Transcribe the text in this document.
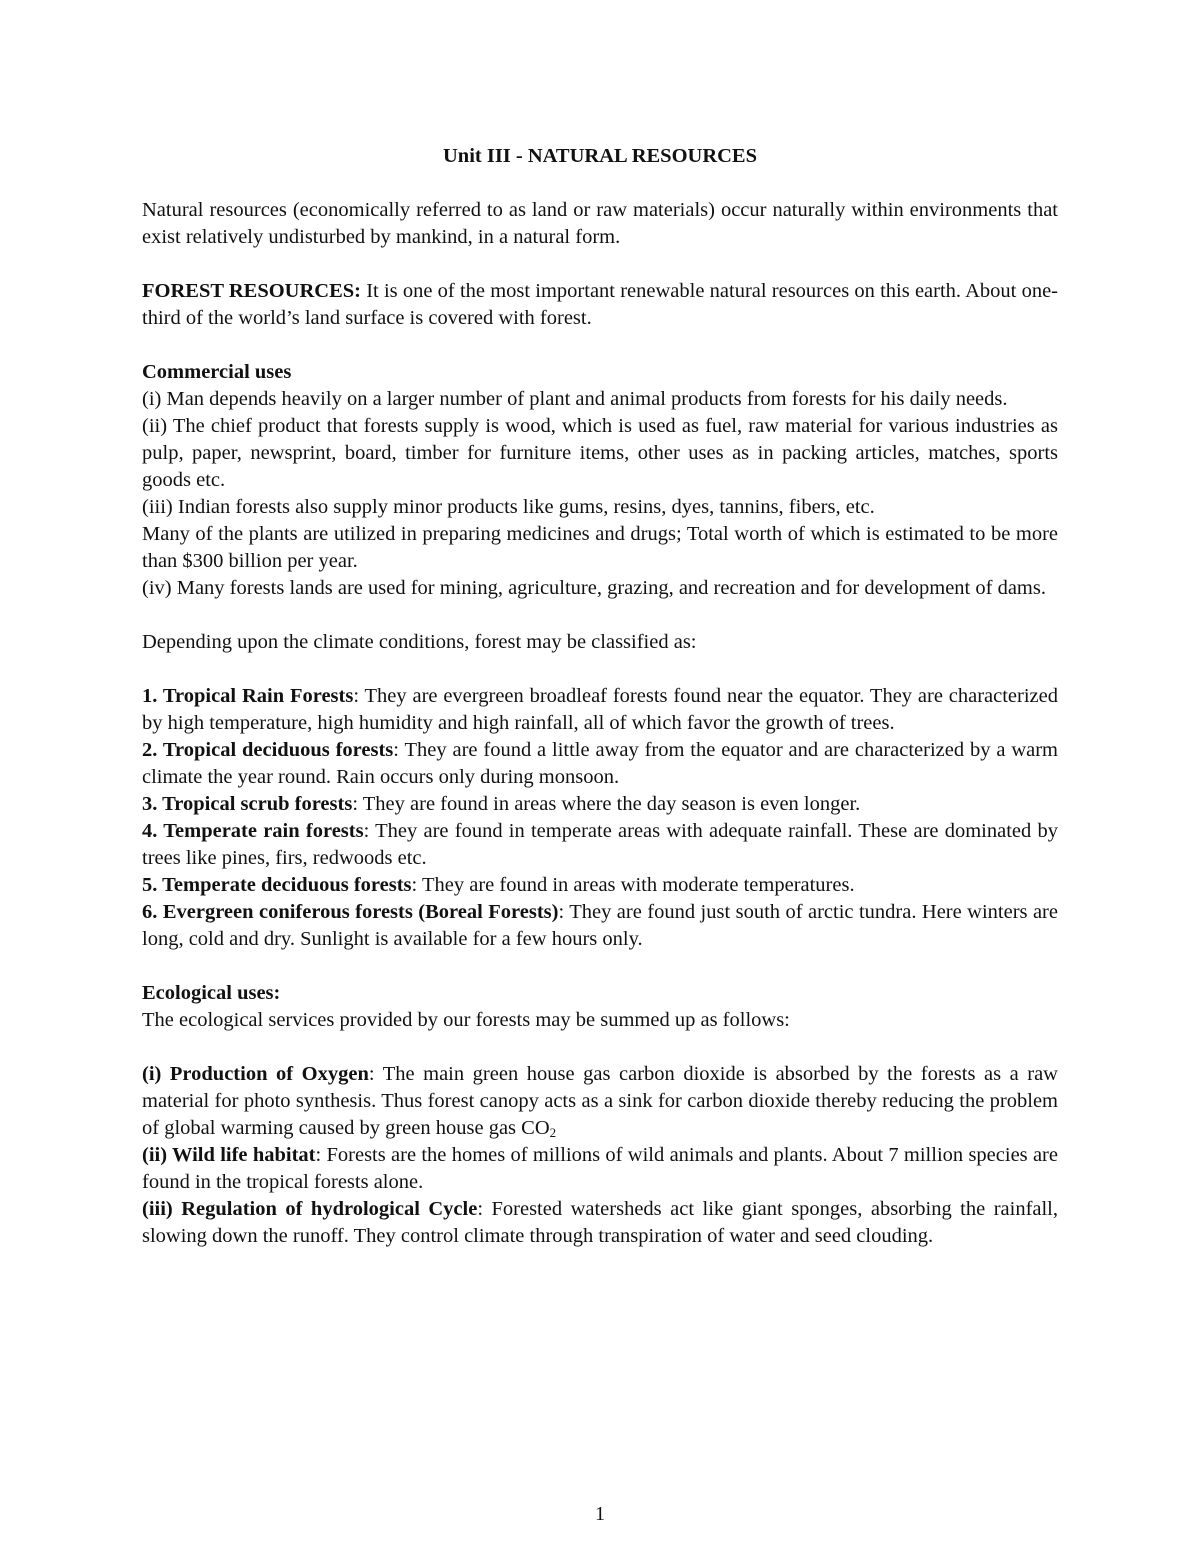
Unit III - NATURAL RESOURCES

Natural resources (economically referred to as land or raw materials) occur naturally within environments that exist relatively undisturbed by mankind, in a natural form.

FOREST RESOURCES: It is one of the most important renewable natural resources on this earth. About one-third of the world’s land surface is covered with forest.

Commercial uses

(i) Man depends heavily on a larger number of plant and animal products from forests for his daily needs.

(ii) The chief product that forests supply is wood, which is used as fuel, raw material for various industries as pulp, paper, newsprint, board, timber for furniture items, other uses as in packing articles, matches, sports goods etc.

(iii) Indian forests also supply minor products like gums, resins, dyes, tannins, fibers, etc.

Many of the plants are utilized in preparing medicines and drugs; Total worth of which is estimated to be more than $300 billion per year.

(iv) Many forests lands are used for mining, agriculture, grazing, and recreation and for development of dams.

Depending upon the climate conditions, forest may be classified as:

1. Tropical Rain Forests: They are evergreen broadleaf forests found near the equator. They are characterized by high temperature, high humidity and high rainfall, all of which favor the growth of trees.

2. Tropical deciduous forests: They are found a little away from the equator and are characterized by a warm climate the year round. Rain occurs only during monsoon.

3. Tropical scrub forests: They are found in areas where the day season is even longer.

4. Temperate rain forests: They are found in temperate areas with adequate rainfall. These are dominated by trees like pines, firs, redwoods etc.

5. Temperate deciduous forests: They are found in areas with moderate temperatures.

6. Evergreen coniferous forests (Boreal Forests): They are found just south of arctic tundra. Here winters are long, cold and dry. Sunlight is available for a few hours only.

Ecological uses:

The ecological services provided by our forests may be summed up as follows:

(i) Production of Oxygen: The main green house gas carbon dioxide is absorbed by the forests as a raw material for photo synthesis. Thus forest canopy acts as a sink for carbon dioxide thereby reducing the problem of global warming caused by green house gas $CO_2$

(ii) Wild life habitat: Forests are the homes of millions of wild animals and plants. About 7 million species are found in the tropical forests alone.

(iii) Regulation of hydrological Cycle: Forested watersheds act like giant sponges, absorbing the rainfall, slowing down the runoff. They control climate through transpiration of water and seed clouding.

1
